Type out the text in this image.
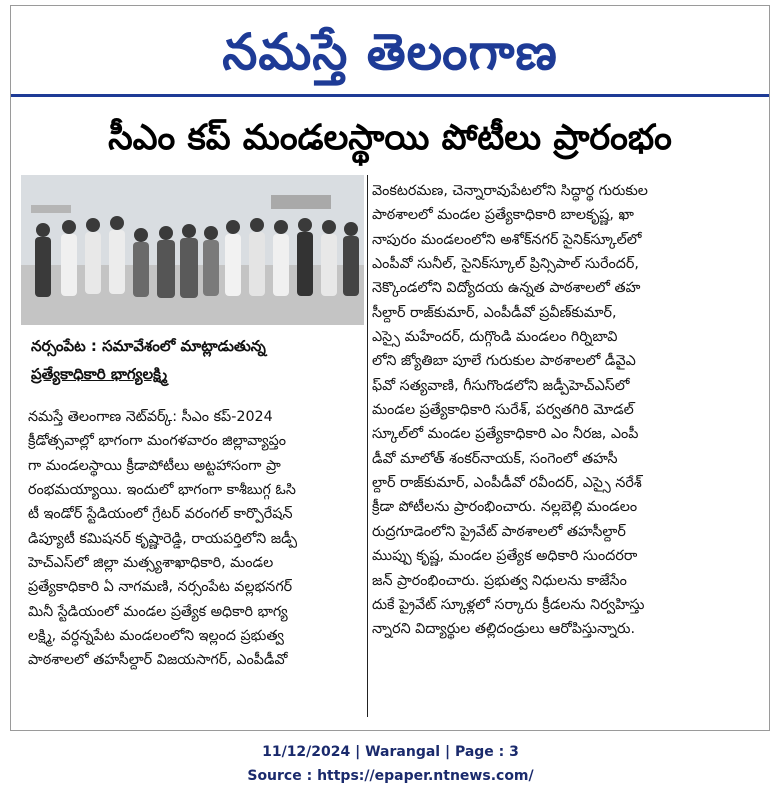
నమస్తే తెలంగాణ
సీఎం కప్ మండలస్థాయి పోటీలు ప్రారంభం
నర్సంపేట : సమావేశంలో మాట్లాడుతున్న
ప్రత్యేకాధికారి భాగ్యలక్ష్మి
నమస్తే తెలంగాణ నెట్‌వర్క్: సీఎం కప్-2024
క్రీడోత్సవాల్లో భాగంగా మంగళవారం జిల్లావ్యాప్తం
గా మండలస్థాయి క్రీడాపోటీలు అట్టహాసంగా ప్రా
రంభమయ్యాయి. ఇందులో భాగంగా కాశీబుగ్గ ఓసి
టీ ఇండోర్ స్టేడియంలో గ్రేటర్ వరంగల్ కార్పొరేషన్
డిప్యూటీ కమిషనర్ కృష్ణారెడ్డి, రాయపర్తిలోని జడ్పీ
హెచ్‌ఎస్‌లో జిల్లా మత్స్యశాఖాధికారి, మండల
ప్రత్యేకాధికారి ఏ నాగమణి, నర్సంపేట వల్లభనగర్
మినీ స్టేడియంలో మండల ప్రత్యేక అధికారి భాగ్య
లక్ష్మి, వర్ధన్నపేట మండలంలోని ఇల్లంద ప్రభుత్వ
పాఠశాలలో తహసీల్దార్ విజయసాగర్, ఎంపీడీవో
వెంకటరమణ, చెన్నారావుపేటలోని సిద్ధార్థ గురుకుల
పాఠశాలలో మండల ప్రత్యేకాధికారి బాలకృష్ణ, ఖా
నాపురం మండలంలోని అశోక్‌నగర్ సైనిక్‌స్కూల్‌లో
ఎంపీవో సునీల్, సైనిక్‌స్కూల్ ప్రిన్సిపాల్ సురేందర్,
నెక్కొండలోని విద్యోదయ ఉన్నత పాఠశాలలో తహ
సీల్దార్ రాజ్‌కుమార్, ఎంపీడీవో ప్రవీణ్‌కుమార్,
ఎస్సై మహేందర్, దుగ్గొండి మండలం గిర్నిబావి
లోని జ్యోతిబా పూలే గురుకుల పాఠశాలలో డీవైఎ
ఫ్‌వో సత్యవాణి, గీసుగొండలోని జడ్పీహెచ్‌ఎస్‌లో
మండల ప్రత్యేకాధికారి సురేశ్, పర్వతగిరి మోడల్
స్కూల్‌లో మండల ప్రత్యేకాధికారి ఎం నీరజ, ఎంపీ
డీవో మాలోత్ శంకర్‌నాయక్, సంగెంలో తహసీ
ల్దార్ రాజ్‌కుమార్, ఎంపీడీవో రవీందర్, ఎస్సై నరేశ్
క్రీడా పోటీలను ప్రారంభించారు. నల్లబెల్లి మండలం
రుద్రగూడెంలోని ప్రైవేట్ పాఠశాలలో తహసీల్దార్
ముప్పు కృష్ణ, మండల ప్రత్యేక అధికారి సుందరరా
జన్ ప్రారంభించారు. ప్రభుత్వ నిధులను కాజేసేం
దుకే ప్రైవేట్ స్కూళ్లలో సర్కారు క్రీడలను నిర్వహిస్తు
న్నారని విద్యార్థుల తల్లిదండ్రులు ఆరోపిస్తున్నారు.
11/12/2024 | Warangal | Page : 3
Source : https://epaper.ntnews.com/
